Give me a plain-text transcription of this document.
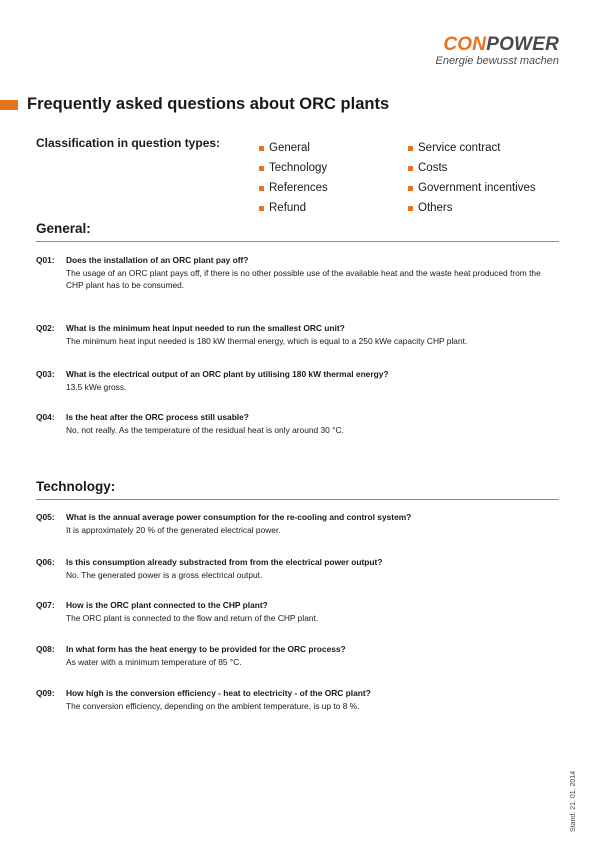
CONPOWER
Energie bewusst machen
Frequently asked questions about ORC plants
Classification in question types:	General
Technology
References
Refund
Service contract
Costs
Government incentives
Others
General:
Q01: Does the installation of an ORC plant pay off?
The usage of an ORC plant pays off, if there is no other possible use of the available heat and the waste heat produced from the CHP plant has to be consumed.
Q02: What is the minimum heat input needed to run the smallest ORC unit?
The minimum heat input needed is 180 kW thermal energy, which is equal to a 250 kWe capacity CHP plant.
Q03: What is the electrical output of an ORC plant by utilising 180 kW thermal energy?
13.5 kWe gross.
Q04: Is the heat after the ORC process still usable?
No, not really. As the temperature of the residual heat is only around 30 °C.
Technology:
Q05: What is the annual average power consumption for the re-cooling and control system?
It is approximately 20 % of the generated electrical power.
Q06: Is this consumption already substracted from from the electrical power output?
No. The generated power is a gross electrical output.
Q07: How is the ORC plant connected to the CHP plant?
The ORC plant is connected to the flow and return of the CHP plant.
Q08: In what form has the heat energy to be provided for the ORC process?
As water with a minimum temperature of 85 °C.
Q09: How high is the conversion efficiency - heat to electricity - of the ORC plant?
The conversion efficiency, depending on the ambient temperature, is up to 8 %.
Stand: 21. 01. 2014
